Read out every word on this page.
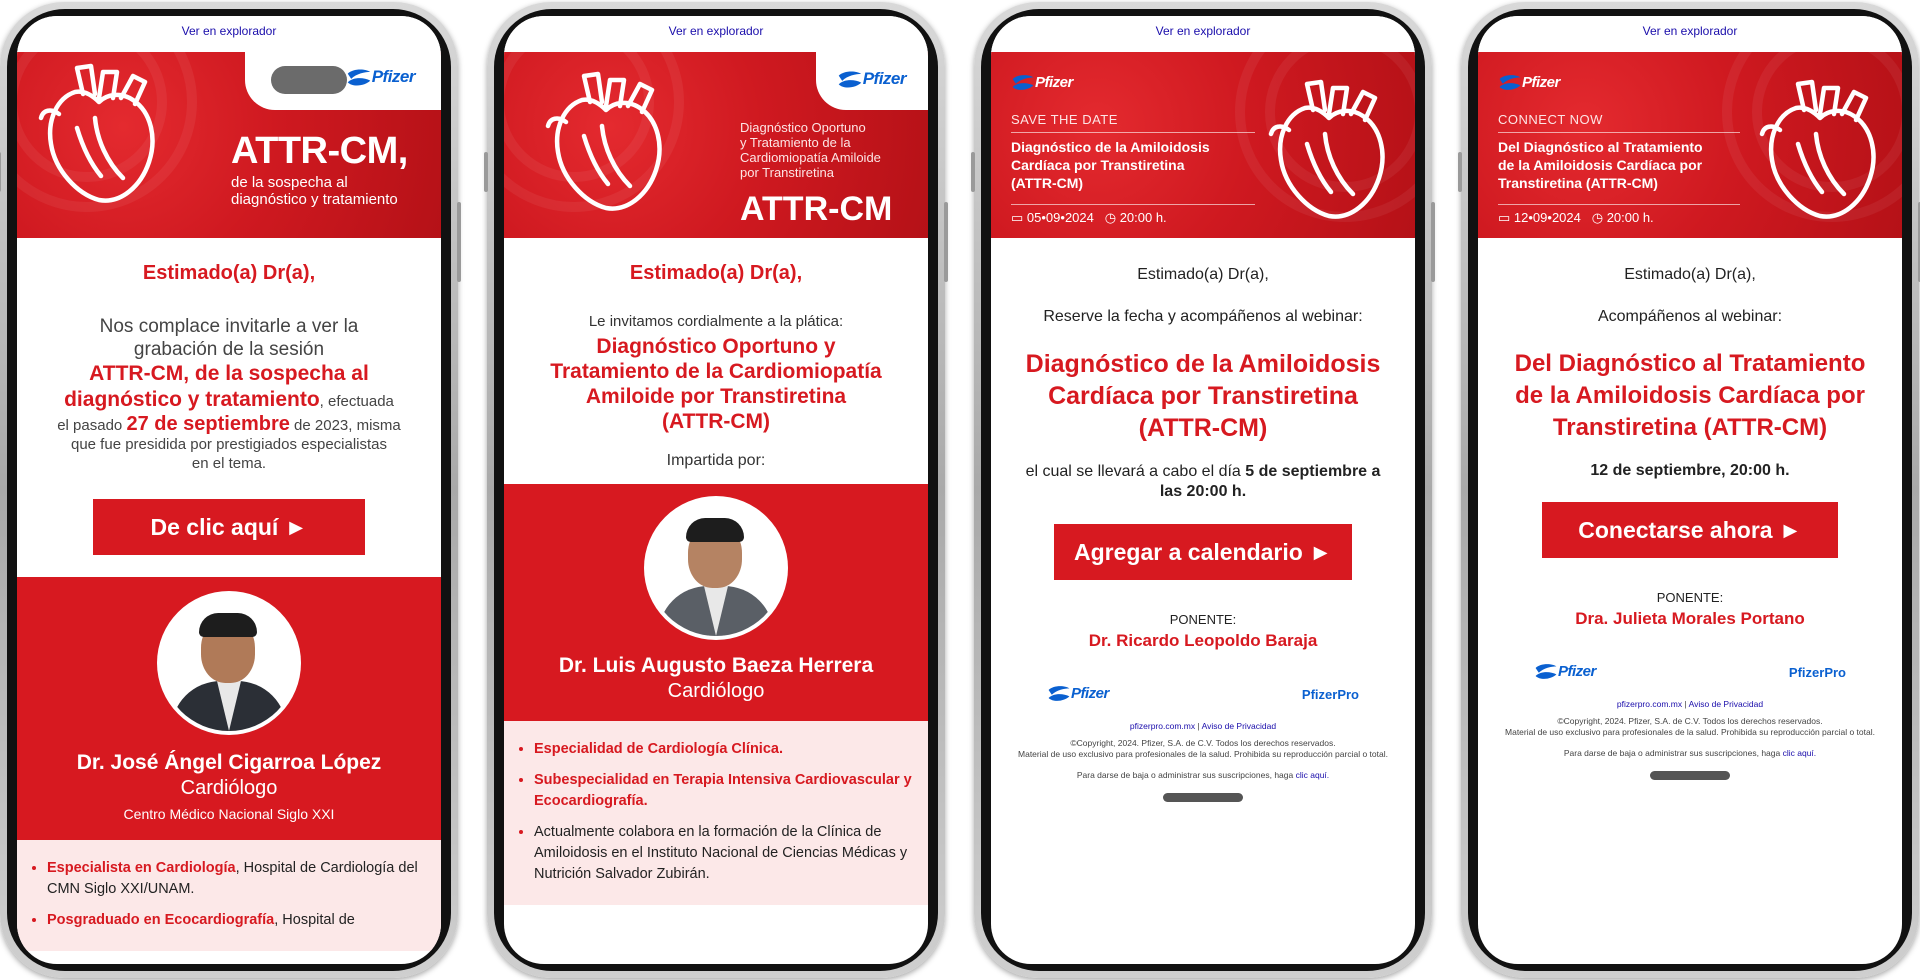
Ver en explorador
Pfizer
ATTR-CM,
de la sospecha al
diagnóstico y tratamiento
Estimado(a) Dr(a),
Nos complace invitarle a ver la
grabación de la sesión
ATTR-CM, de la sospecha al
diagnóstico y tratamiento, efectuada
el pasado 27 de septiembre de 2023, misma
que fue presidida por prestigiados especialistas
en el tema.
De clic aquí ►
Dr. José Ángel Cigarroa López
Cardiólogo
Centro Médico Nacional Siglo XXI
• Especialista en Cardiología, Hospital de Cardiología del CMN Siglo XXI/UNAM.
• Posgraduado en Ecocardiografía, Hospital de
Ver en explorador
Pfizer
Diagnóstico Oportuno
y Tratamiento de la
Cardiomiopatía Amiloide
por Transtiretina
ATTR-CM
Estimado(a) Dr(a),
Le invitamos cordialmente a la plática:
Diagnóstico Oportuno y
Tratamiento de la Cardiomiopatía
Amiloide por Transtiretina
(ATTR-CM)
Impartida por:
Dr. Luis Augusto Baeza Herrera
Cardiólogo
• Especialidad de Cardiología Clínica.
• Subespecialidad en Terapia Intensiva Cardiovascular y Ecocardiografía.
• Actualmente colabora en la formación de la Clínica de Amiloidosis en el Instituto Nacional de Ciencias Médicas y Nutrición Salvador Zubirán.
Ver en explorador
Pfizer
SAVE THE DATE
Diagnóstico de la Amiloidosis
Cardíaca por Transtiretina
(ATTR-CM)
▭ 05•09•2024 ◷ 20:00 h.
Estimado(a) Dr(a),
Reserve la fecha y acompáñenos al webinar:
Diagnóstico de la Amiloidosis
Cardíaca por Transtiretina
(ATTR-CM)
el cual se llevará a cabo el día 5 de septiembre a
las 20:00 h.
Agregar a calendario ►
PONENTE:
Dr. Ricardo Leopoldo Baraja
Pfizer	PfizerPro
pfizerpro.com.mx | Aviso de Privacidad
©Copyright, 2024. Pfizer, S.A. de C.V. Todos los derechos reservados.
Material de uso exclusivo para profesionales de la salud. Prohibida su reproducción parcial o total.
Para darse de baja o administrar sus suscripciones, haga clic aquí.
Ver en explorador
Pfizer
CONNECT NOW
Del Diagnóstico al Tratamiento
de la Amiloidosis Cardíaca por
Transtiretina (ATTR-CM)
▭ 12•09•2024 ◷ 20:00 h.
Estimado(a) Dr(a),
Acompáñenos al webinar:
Del Diagnóstico al Tratamiento
de la Amiloidosis Cardíaca por
Transtiretina (ATTR-CM)
12 de septiembre, 20:00 h.
Conectarse ahora ►
PONENTE:
Dra. Julieta Morales Portano
Pfizer	PfizerPro
pfizerpro.com.mx | Aviso de Privacidad
©Copyright, 2024. Pfizer, S.A. de C.V. Todos los derechos reservados.
Material de uso exclusivo para profesionales de la salud. Prohibida su reproducción parcial o total.
Para darse de baja o administrar sus suscripciones, haga clic aquí.
